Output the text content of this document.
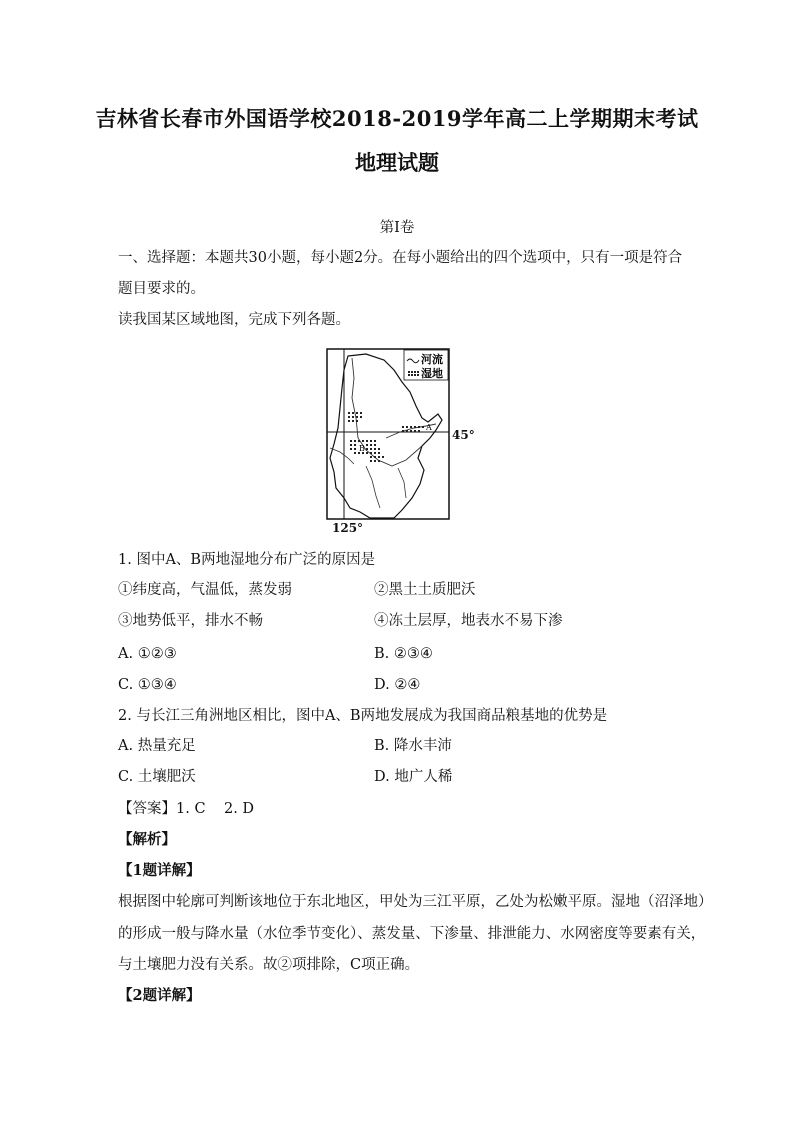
吉林省长春市外国语学校2018-2019学年高二上学期期末考试
地理试题
第Ⅰ卷
一、选择题：本题共30小题，每小题2分。在每小题给出的四个选项中，只有一项是符合
题目要求的。
读我国某区域地图，完成下列各题。
河流
湿地
A
B
45°
125°
1. 图中A、B两地湿地分布广泛的原因是
①纬度高，气温低，蒸发弱	②黑土土质肥沃
③地势低平，排水不畅	④冻土层厚，地表水不易下渗
A. ①②③	B. ②③④
C. ①③④	D. ②④
2. 与长江三角洲地区相比，图中A、B两地发展成为我国商品粮基地的优势是
A. 热量充足	B. 降水丰沛
C. 土壤肥沃	D. 地广人稀
【答案】1. C    2. D
【解析】
【1题详解】
根据图中轮廓可判断该地位于东北地区，甲处为三江平原，乙处为松嫩平原。湿地（沼泽地）
的形成一般与降水量（水位季节变化）、蒸发量、下渗量、排泄能力、水网密度等要素有关，
与土壤肥力没有关系。故②项排除，C项正确。
【2题详解】
